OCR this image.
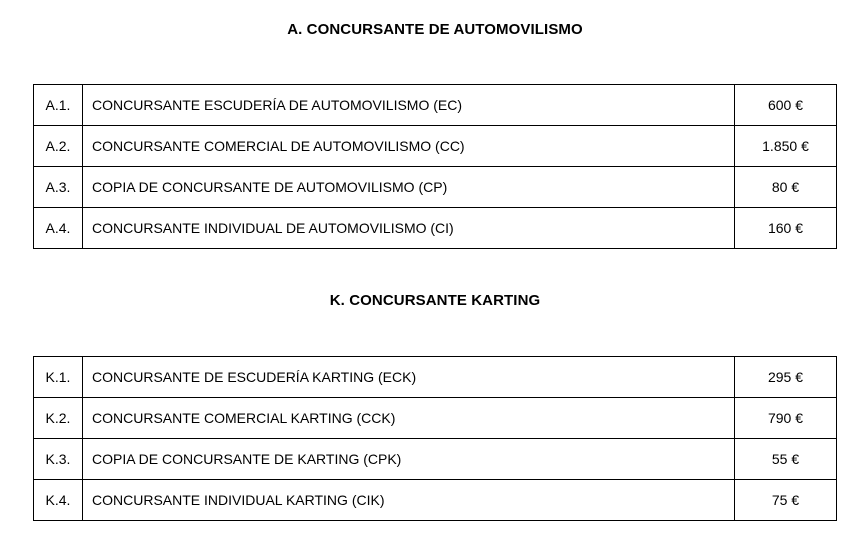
A. CONCURSANTE DE AUTOMOVILISMO
A.1.	CONCURSANTE ESCUDERÍA DE AUTOMOVILISMO (EC)	600 €
A.2.	CONCURSANTE COMERCIAL DE AUTOMOVILISMO (CC)	1.850 €
A.3.	COPIA DE CONCURSANTE DE AUTOMOVILISMO (CP)	80 €
A.4.	CONCURSANTE INDIVIDUAL DE AUTOMOVILISMO (CI)	160 €
K. CONCURSANTE KARTING
K.1.	CONCURSANTE DE ESCUDERÍA KARTING (ECK)	295 €
K.2.	CONCURSANTE COMERCIAL KARTING (CCK)	790 €
K.3.	COPIA DE CONCURSANTE DE KARTING (CPK)	55 €
K.4.	CONCURSANTE INDIVIDUAL KARTING (CIK)	75 €
